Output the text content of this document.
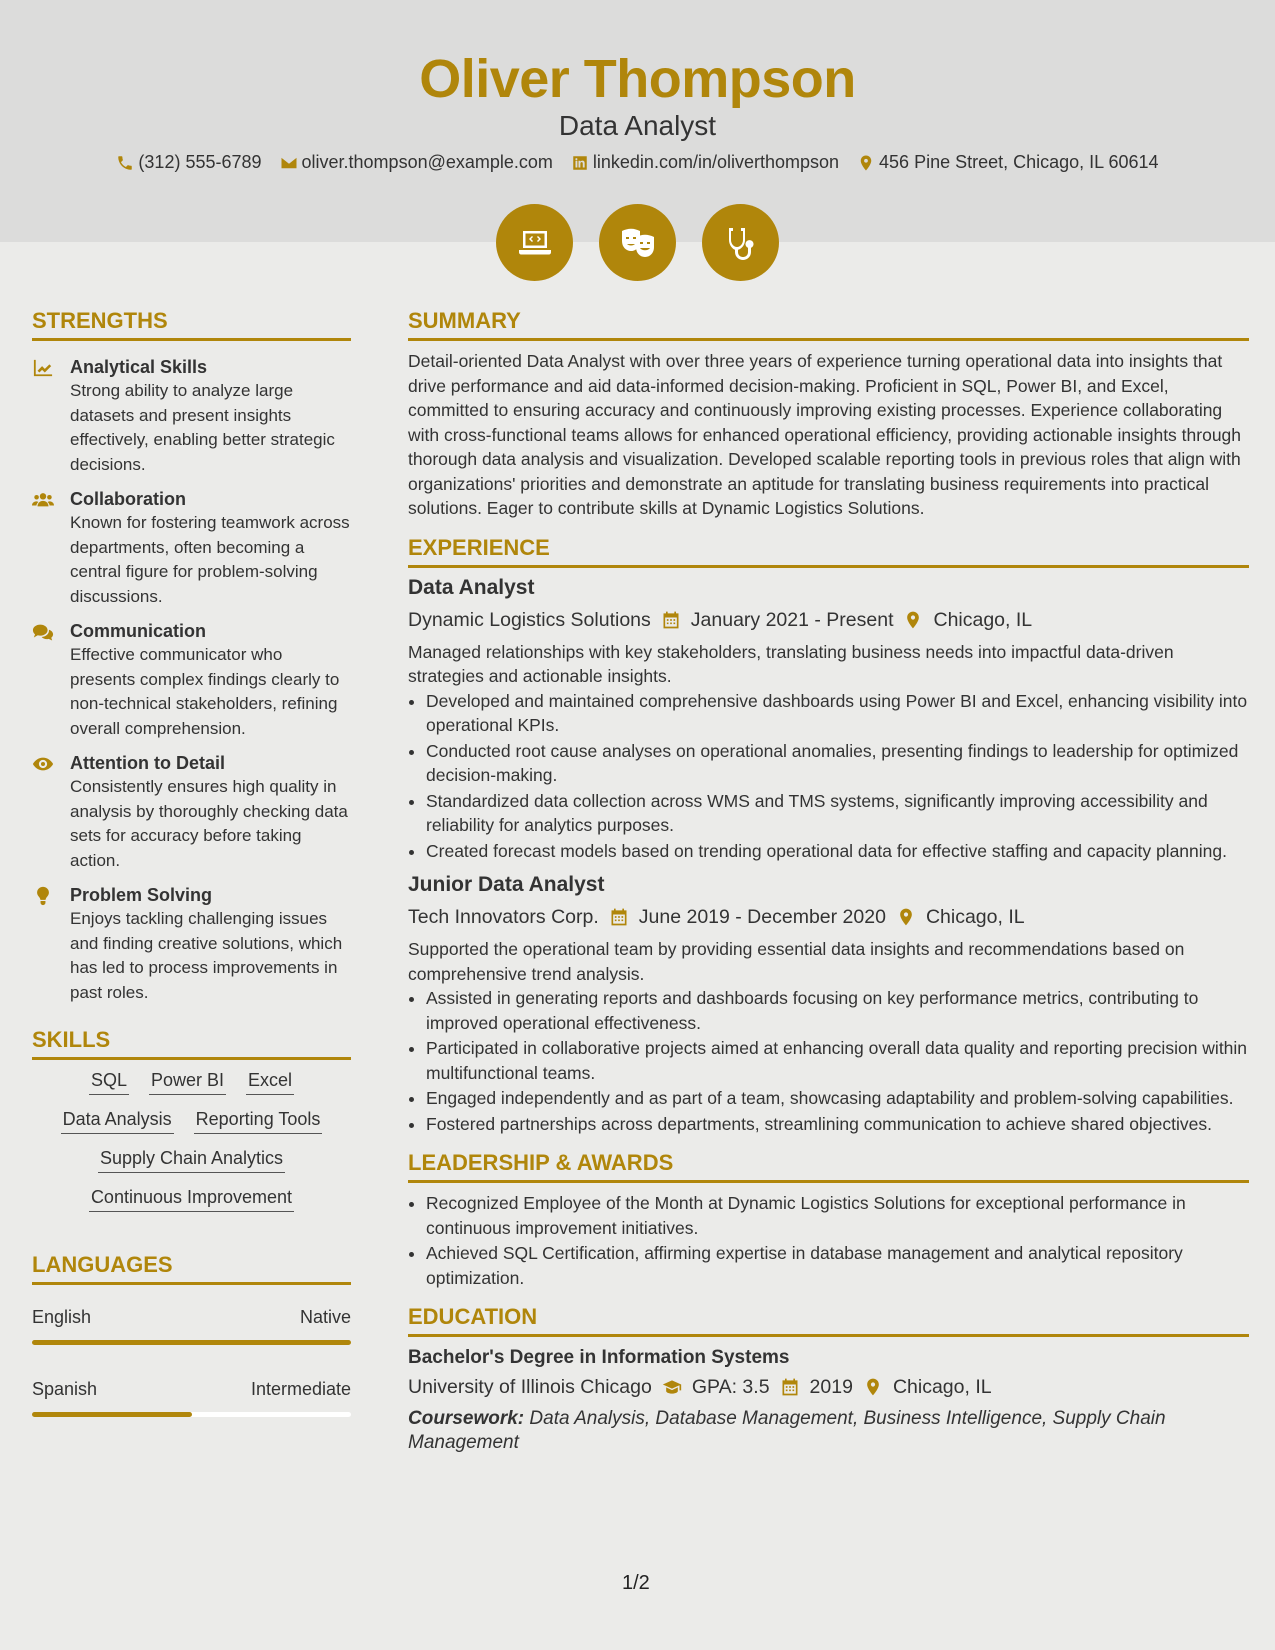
Oliver Thompson
Data Analyst
(312) 555-6789 oliver.thompson@example.com linkedin.com/in/oliverthompson 456 Pine Street, Chicago, IL 60614
STRENGTHS
Analytical Skills
Strong ability to analyze large datasets and present insights effectively, enabling better strategic decisions.
Collaboration
Known for fostering teamwork across departments, often becoming a central figure for problem-solving discussions.
Communication
Effective communicator who presents complex findings clearly to non-technical stakeholders, refining overall comprehension.
Attention to Detail
Consistently ensures high quality in analysis by thoroughly checking data sets for accuracy before taking action.
Problem Solving
Enjoys tackling challenging issues and finding creative solutions, which has led to process improvements in past roles.
SKILLS
SQL Power BI Excel
Data Analysis Reporting Tools
Supply Chain Analytics
Continuous Improvement
LANGUAGES
English	Native
Spanish	Intermediate
SUMMARY
Detail-oriented Data Analyst with over three years of experience turning operational data into insights that drive performance and aid data-informed decision-making. Proficient in SQL, Power BI, and Excel, committed to ensuring accuracy and continuously improving existing processes. Experience collaborating with cross-functional teams allows for enhanced operational efficiency, providing actionable insights through thorough data analysis and visualization. Developed scalable reporting tools in previous roles that align with organizations' priorities and demonstrate an aptitude for translating business requirements into practical solutions. Eager to contribute skills at Dynamic Logistics Solutions.
EXPERIENCE
Data Analyst
Dynamic Logistics Solutions January 2021 - Present Chicago, IL
Managed relationships with key stakeholders, translating business needs into impactful data-driven strategies and actionable insights.
• Developed and maintained comprehensive dashboards using Power BI and Excel, enhancing visibility into operational KPIs.
• Conducted root cause analyses on operational anomalies, presenting findings to leadership for optimized decision-making.
• Standardized data collection across WMS and TMS systems, significantly improving accessibility and reliability for analytics purposes.
• Created forecast models based on trending operational data for effective staffing and capacity planning.
Junior Data Analyst
Tech Innovators Corp. June 2019 - December 2020 Chicago, IL
Supported the operational team by providing essential data insights and recommendations based on comprehensive trend analysis.
• Assisted in generating reports and dashboards focusing on key performance metrics, contributing to improved operational effectiveness.
• Participated in collaborative projects aimed at enhancing overall data quality and reporting precision within multifunctional teams.
• Engaged independently and as part of a team, showcasing adaptability and problem-solving capabilities.
• Fostered partnerships across departments, streamlining communication to achieve shared objectives.
LEADERSHIP & AWARDS
• Recognized Employee of the Month at Dynamic Logistics Solutions for exceptional performance in continuous improvement initiatives.
• Achieved SQL Certification, affirming expertise in database management and analytical repository optimization.
EDUCATION
Bachelor's Degree in Information Systems
University of Illinois Chicago GPA: 3.5 2019 Chicago, IL
Coursework: Data Analysis, Database Management, Business Intelligence, Supply Chain Management
1/2
